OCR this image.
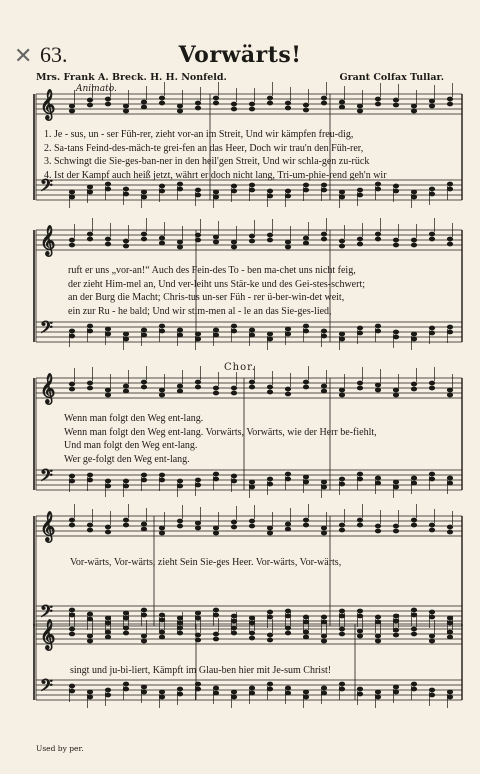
✕ 63.	Vorwärts!
Mrs. Frank A. Breck. H. H. Nonfeld.	Grant Colfax Tullar.
Animato.
𝄞
𝄢
𝄞
𝄢
𝄞
𝄢
𝄞
𝄢
𝄞
𝄢
1. Je - sus, un - ser Füh-rer, zieht vor-an im Streit, Und wir kämpfen freu-dig,
2. Sa-tans Feind-des-mäch-te grei-fen an das Heer, Doch wir trau'n den Füh-rer,
3. Schwingt die Sie-ges-ban-ner in den heil'gen Streit, Und wir schla-gen zu-rück
4. Ist der Kampf auch heiß jetzt, währt er doch nicht lang, Tri-um-phie-rend geh'n wir
ruft er uns „vor-an!“ Auch des Fein-des To - ben ma-chet uns nicht feig,
der zieht Him-mel an, Und ver-leiht uns Stär-ke und des Gei-stes-schwert;
an der Burg die Macht; Chris-tus un-ser Füh - rer ü-ber-win-det weit,
ein zur Ru - he bald; Und wir stim-men al - le an das Sie-ges-lied,
Chor.
Wenn man folgt den Weg ent-lang.
Wenn man folgt den Weg ent-lang. Vorwärts, Vorwärts, wie der Herr be-fiehlt,
Und man folgt den Weg ent-lang.
Wer ge-folgt den Weg ent-lang.
Vor-wärts, Vor-wärts, zieht Sein Sie-ges Heer. Vor-wärts, Vor-wärts,
singt und ju-bi-liert, Kämpft im Glau-ben hier mit Je-sum Christ!
Used by per.
